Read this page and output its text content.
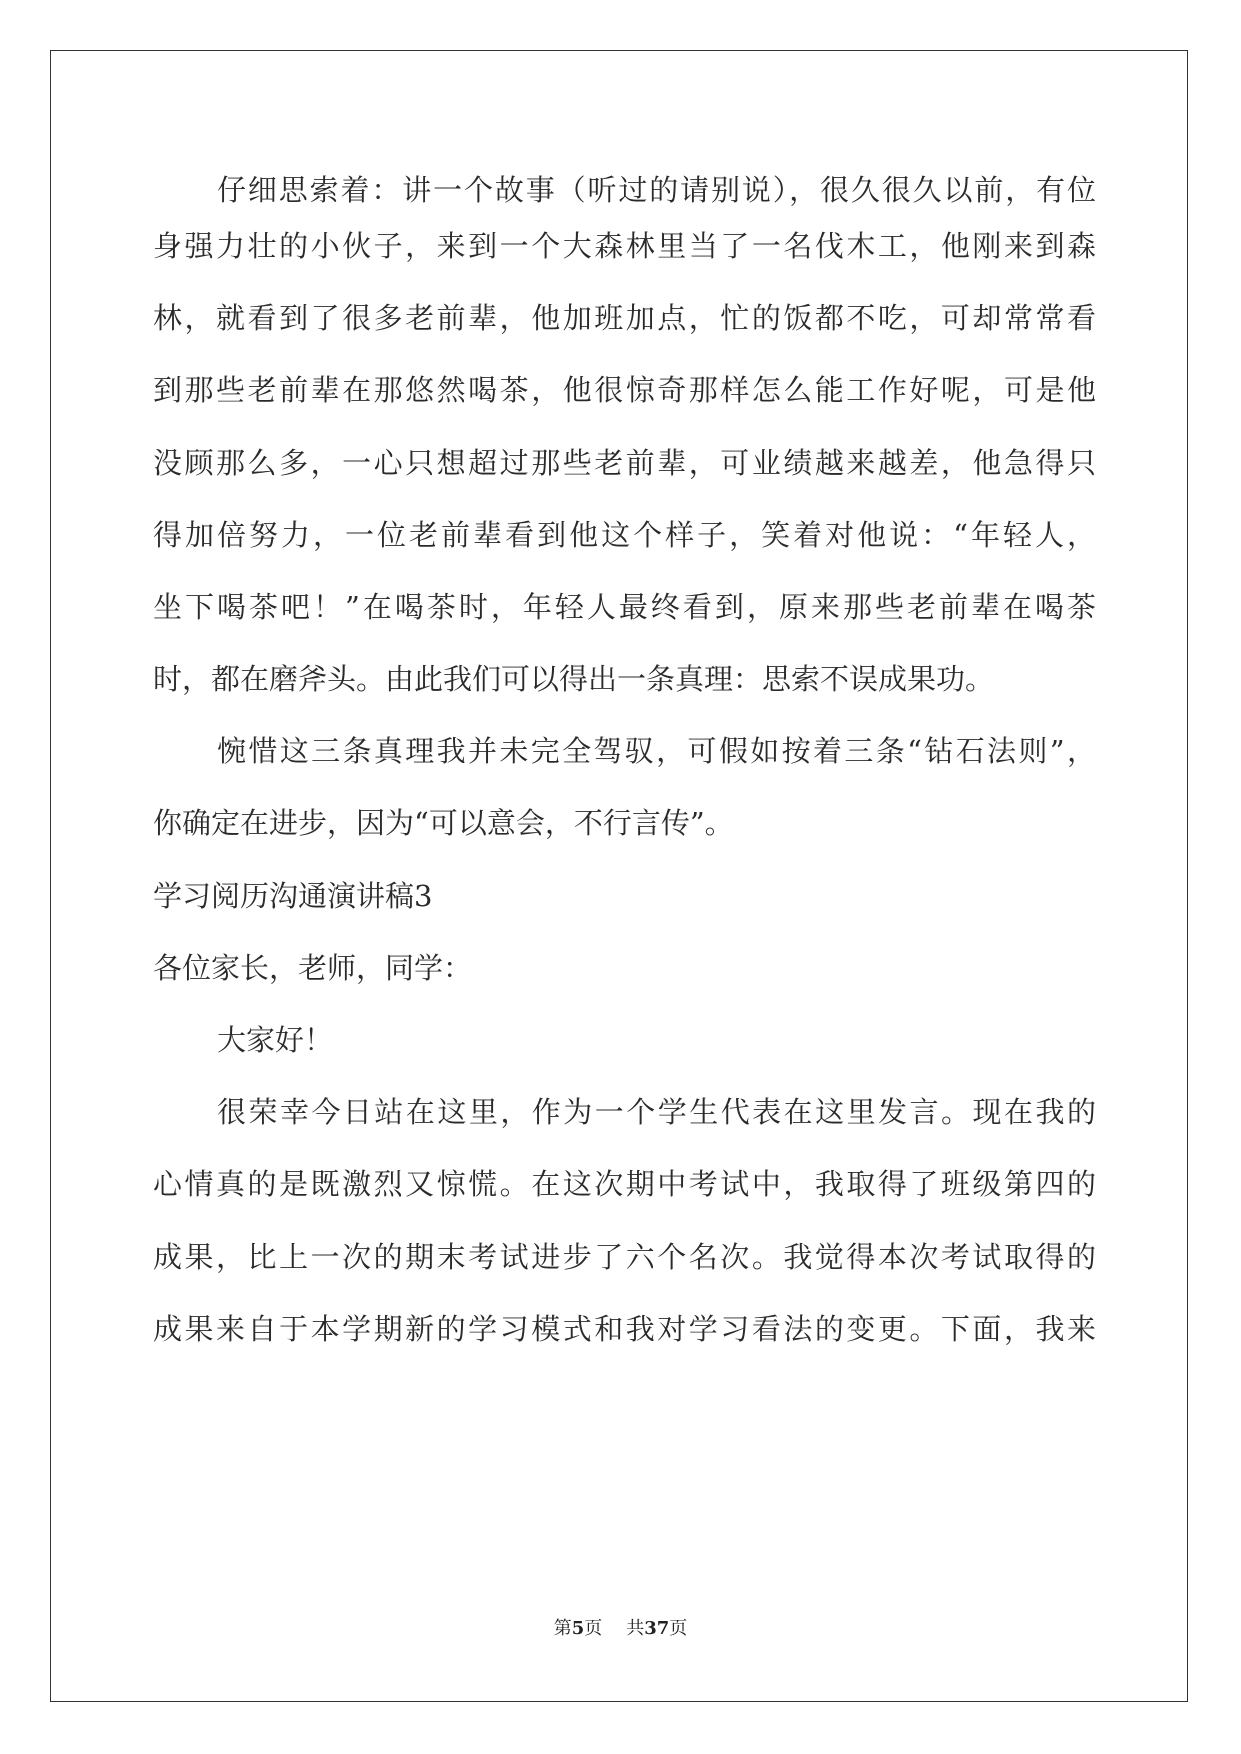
仔细思索着：讲一个故事（听过的请别说），很久很久以前，有位
身强力壮的小伙子，来到一个大森林里当了一名伐木工，他刚来到森
林，就看到了很多老前辈，他加班加点，忙的饭都不吃，可却常常看
到那些老前辈在那悠然喝茶，他很惊奇那样怎么能工作好呢，可是他
没顾那么多，一心只想超过那些老前辈，可业绩越来越差，他急得只
得加倍努力，一位老前辈看到他这个样子，笑着对他说：“年轻人，
坐下喝茶吧！”在喝茶时，年轻人最终看到，原来那些老前辈在喝茶
时，都在磨斧头。由此我们可以得出一条真理：思索不误成果功。
惋惜这三条真理我并未完全驾驭，可假如按着三条“钻石法则”，
你确定在进步，因为“可以意会，不行言传”。
学习阅历沟通演讲稿3
各位家长，老师，同学：
大家好！
很荣幸今日站在这里，作为一个学生代表在这里发言。现在我的
心情真的是既激烈又惊慌。在这次期中考试中，我取得了班级第四的
成果，比上一次的期末考试进步了六个名次。我觉得本次考试取得的
成果来自于本学期新的学习模式和我对学习看法的变更。下面，我来
第5页 共37页
